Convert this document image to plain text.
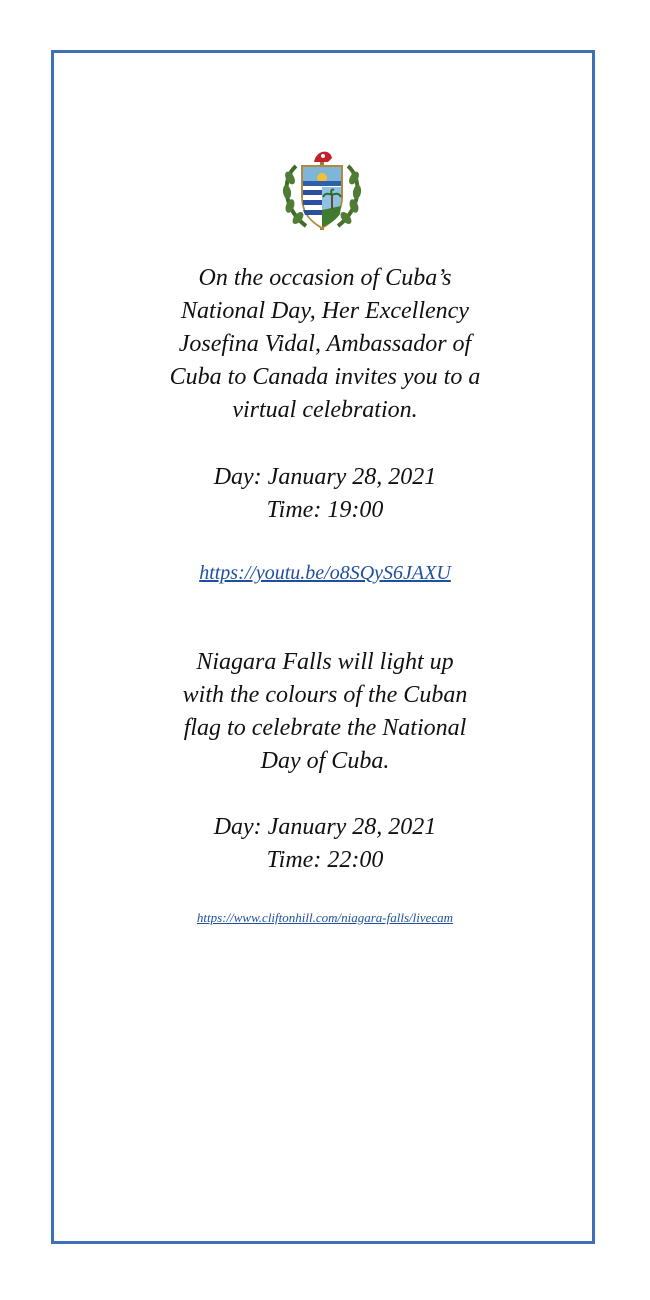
On the occasion of Cuba’s
National Day, Her Excellency
Josefina Vidal, Ambassador of
Cuba to Canada invites you to a
virtual celebration.
Day: January 28, 2021
Time: 19:00
https://youtu.be/o8SQyS6JAXU
Niagara Falls will light up
with the colours of the Cuban
flag to celebrate the National
Day of Cuba.
Day: January 28, 2021
Time: 22:00
https://www.cliftonhill.com/niagara-falls/livecam
